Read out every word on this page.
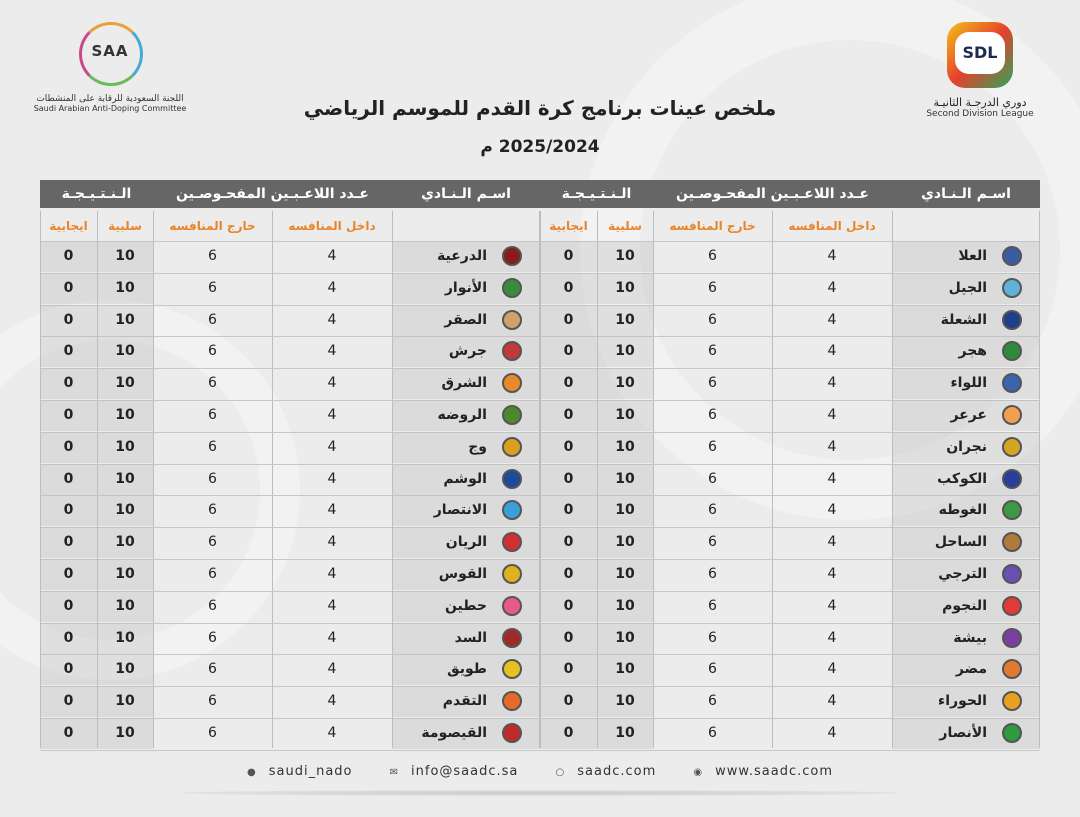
SAA
اللجنة السعودية للرقابة على المنشطات
Saudi Arabian Anti-Doping Committee
SDL
دوري الدرجـة الثانيـة
Second Division League
ملخص عينات برنامج كرة القدم للموسم الرياضي
2025/2024 م
الـنـتـيـجـة	عـدد اللاعـبـين المفحـوصـين	اسـم الـنـادي
ايجابية	سلبية	خارج المنافسه	داخل المنافسه
0	10	6	4	العلا
0	10	6	4	الجيل
0	10	6	4	الشعلة
0	10	6	4	هجر
0	10	6	4	اللواء
0	10	6	4	عرعر
0	10	6	4	نجران
0	10	6	4	الكوكب
0	10	6	4	الغوطه
0	10	6	4	الساحل
0	10	6	4	الترجي
0	10	6	4	النجوم
0	10	6	4	بيشة
0	10	6	4	مضر
0	10	6	4	الحوراء
0	10	6	4	الأنصار
الـنـتـيـجـة	عـدد اللاعـبـين المفحـوصـين	اسـم الـنـادي
ايجابية	سلبية	خارج المنافسه	داخل المنافسه
0	10	6	4	الدرعية
0	10	6	4	الأنوار
0	10	6	4	الصقر
0	10	6	4	جرش
0	10	6	4	الشرق
0	10	6	4	الروضه
0	10	6	4	وج
0	10	6	4	الوشم
0	10	6	4	الانتصار
0	10	6	4	الريان
0	10	6	4	القوس
0	10	6	4	حطين
0	10	6	4	السد
0	10	6	4	طويق
0	10	6	4	التقدم
0	10	6	4	القيصومة
● saudi_nado	✉ info@saadc.sa	○ saadc.com	◉ www.saadc.com
